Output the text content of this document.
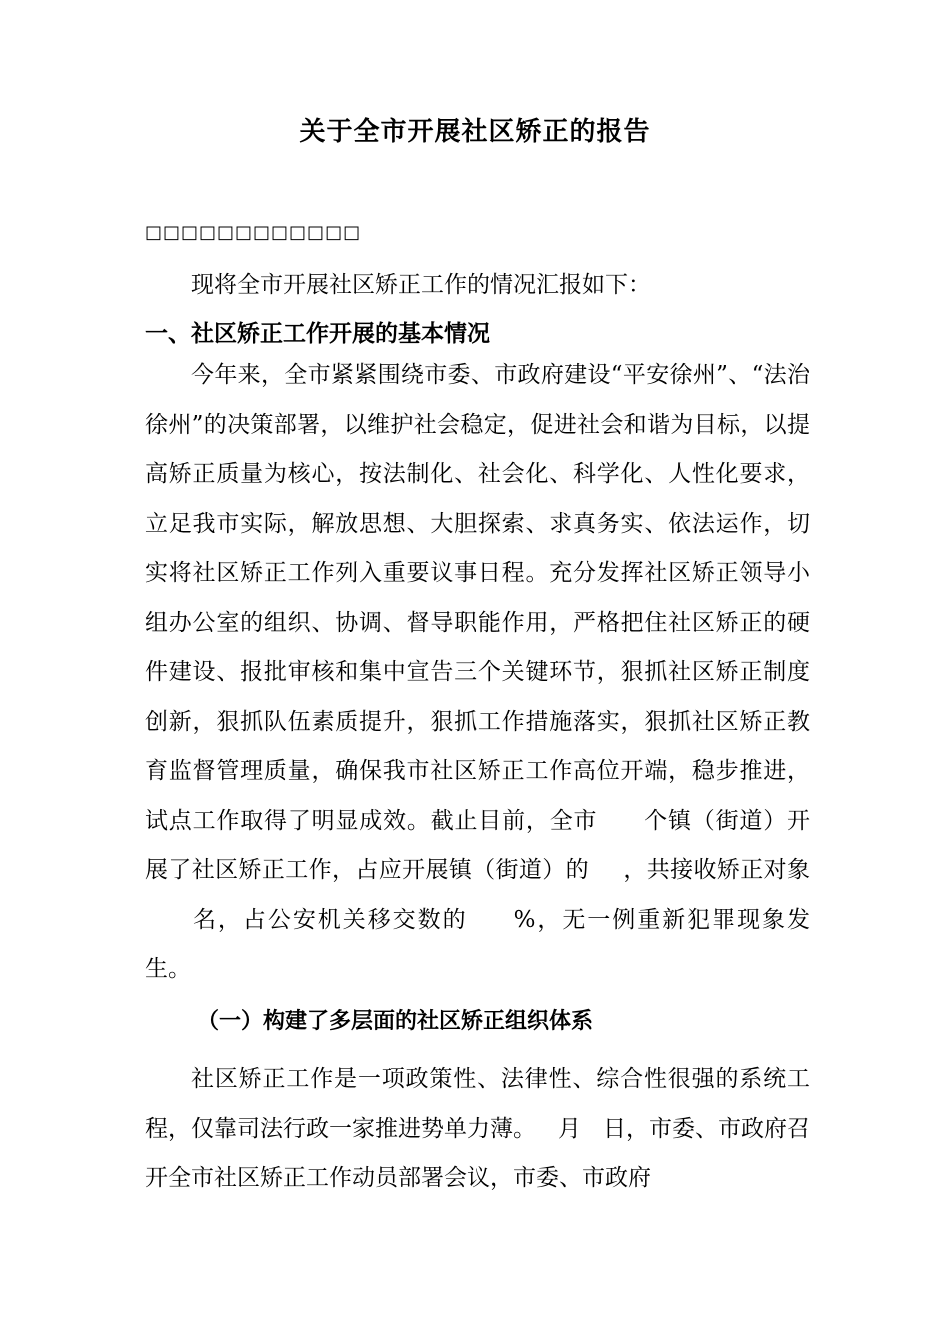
关于全市开展社区矫正的报告
□□□□□□□□□□□□

现将全市开展社区矫正工作的情况汇报如下：

一、社区矫正工作开展的基本情况

今年来，全市紧紧围绕市委、市政府建设“平安徐州”、“法治徐州”的决策部署，以维护社会稳定，促进社会和谐为目标，以提高矫正质量为核心，按法制化、社会化、科学化、人性化要求，立足我市实际，解放思想、大胆探索、求真务实、依法运作，切实将社区矫正工作列入重要议事日程。充分发挥社区矫正领导小组办公室的组织、协调、督导职能作用，严格把住社区矫正的硬件建设、报批审核和集中宣告三个关键环节，狠抓社区矫正制度创新，狠抓队伍素质提升，狠抓工作措施落实，狠抓社区矫正教育监督管理质量，确保我市社区矫正工作高位开端，稳步推进，试点工作取得了明显成效。截止目前，全市 个镇（街道）开展了社区矫正工作，占应开展镇（街道）的 ，共接收矫正对象名，占公安机关移交数的 %，无一例重新犯罪现象发生。

（一）构建了多层面的社区矫正组织体系

社区矫正工作是一项政策性、法律性、综合性很强的系统工程，仅靠司法行政一家推进势单力薄。 月 日，市委、市政府召开全市社区矫正工作动员部署会议，市委、市政府
